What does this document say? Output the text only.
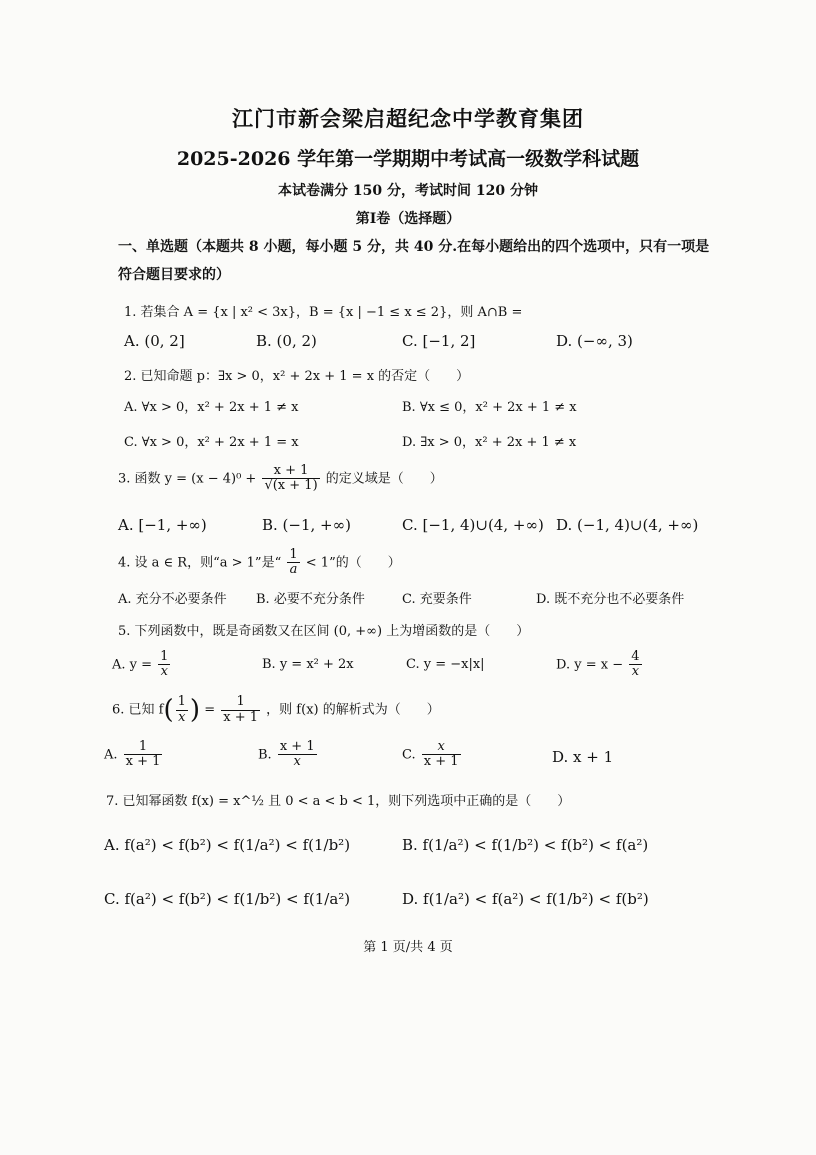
江门市新会梁启超纪念中学教育集团
2025-2026 学年第一学期期中考试高一级数学科试题
本试卷满分 150 分，考试时间 120 分钟
第Ⅰ卷（选择题）
一、单选题（本题共 8 小题，每小题 5 分，共 40 分.在每小题给出的四个选项中，只有一项是
符合题目要求的）
1. 若集合 A = {x | x² < 3x}，B = {x | −1 ≤ x ≤ 2}，则 A∩B =
A. (0, 2]	B. (0, 2)	C. [−1, 2]	D. (−∞, 3)
2. 已知命题 p：∃x > 0，x² + 2x + 1 = x 的否定（　　）
A. ∀x > 0，x² + 2x + 1 ≠ x	B. ∀x ≤ 0，x² + 2x + 1 ≠ x
C. ∀x > 0，x² + 2x + 1 = x	D. ∃x > 0，x² + 2x + 1 ≠ x
3. 函数 $y = (x - 4)^0 + \frac{x + 1}{√(x + 1)}$ 的定义域是（　　）
A. [−1, +∞)	B. (−1, +∞)	C. [−1, 4)∪(4, +∞) D. (−1, 4)∪(4, +∞)
4. 设 a ∈ R，则“a > 1”是“ $\frac{1}{a} < 1$”的（　　）
A. 充分不必要条件 B. 必要不充分条件	C. 充要条件	D. 既不充分也不必要条件
5. 下列函数中，既是奇函数又在区间 (0, +∞) 上为增函数的是（　　）
A. $y = \frac{1}{x}$	B. y = x² + 2x	C. y = −x|x|	D. $y = x - \frac{4}{x}$
6. 已知 $f( \frac{1}{x}$ ) = $\frac{1}{x + 1}$ ，则 f(x) 的解析式为（　　）
A. $\frac{1}{x + 1}$	B. $\frac{x + 1}{x}$	C. $\frac{x}{x + 1}$	D. x + 1
7. 已知幂函数 f(x) = x^½ 且 0 < a < b < 1，则下列选项中正确的是（　　）
A. f(a²) < f(b²) < f(1/a²) < f(1/b²)	B. f(1/a²) < f(1/b²) < f(b²) < f(a²)
C. f(a²) < f(b²) < f(1/b²) < f(1/a²)	D. f(1/a²) < f(a²) < f(1/b²) < f(b²)
第 1 页/共 4 页
